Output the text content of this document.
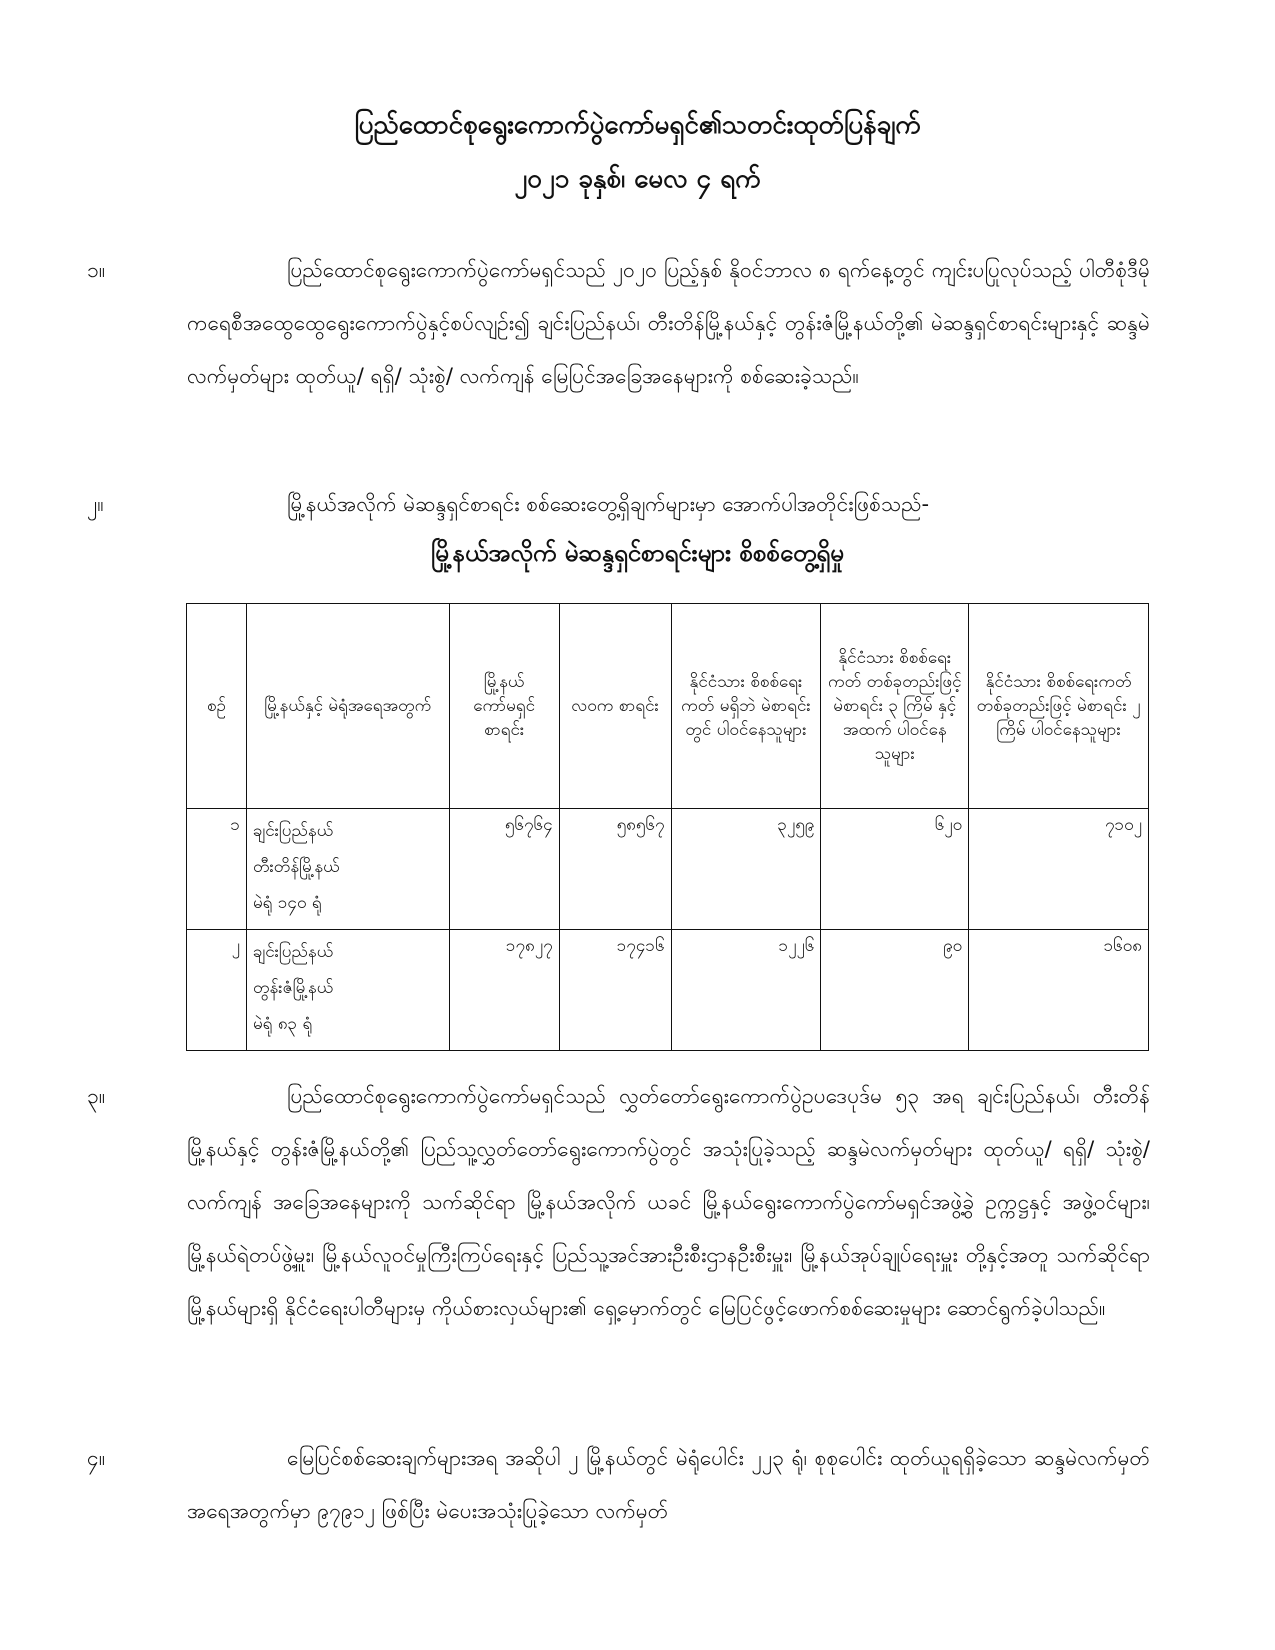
ပြည်ထောင်စုရွေးကောက်ပွဲကော်မရှင်၏သတင်းထုတ်ပြန်ချက်
၂၀၂၁ ခုနှစ်၊ မေလ ၄ ရက်
၁။	ပြည်ထောင်စုရွေးကောက်ပွဲကော်မရှင်သည် ၂၀၂၀ ပြည့်နှစ် နိုဝင်ဘာလ ၈ ရက်နေ့တွင် ကျင်းပပြုလုပ်သည့် ပါတီစုံဒီမိုကရေစီအထွေထွေရွေးကောက်ပွဲနှင့်စပ်လျဉ်း၍ ချင်းပြည်နယ်၊ တီးတိန်မြို့နယ်နှင့် တွန်းဇံမြို့နယ်တို့၏ မဲဆန္ဒရှင်စာရင်းများနှင့် ဆန္ဒမဲလက်မှတ်များ ထုတ်ယူ/ ရရှိ/ သုံးစွဲ/ လက်ကျန် မြေပြင်အခြေအနေများကို စစ်ဆေးခဲ့သည်။
၂။	မြို့နယ်အလိုက် မဲဆန္ဒရှင်စာရင်း စစ်ဆေးတွေ့ရှိချက်များမှာ အောက်ပါအတိုင်းဖြစ်သည်-
မြို့နယ်အလိုက် မဲဆန္ဒရှင်စာရင်းများ စိစစ်တွေ့ရှိမှု
စဉ်	မြို့နယ်နှင့် မဲရုံအရေအတွက်	မြို့နယ် ကော်မရှင် စာရင်း	လဝက စာရင်း	နိုင်ငံသား စိစစ်ရေးကတ် မရှိဘဲ မဲစာရင်းတွင် ပါဝင်နေသူများ	နိုင်ငံသား စိစစ်ရေးကတ် တစ်ခုတည်းဖြင့် မဲစာရင်း ၃ ကြိမ် နှင့် အထက် ပါဝင်နေသူများ	နိုင်ငံသား စိစစ်ရေးကတ် တစ်ခုတည်းဖြင့် မဲစာရင်း ၂ ကြိမ် ပါဝင်နေသူများ
၁	ချင်းပြည်နယ်
တီးတိန်မြို့နယ်
မဲရုံ ၁၄၀ ရုံ	၅၆၇၆၄	၅၈၅၆၇	၃၂၅၉	၆၂၀	၇၁၀၂
၂	ချင်းပြည်နယ်
တွန်းဇံမြို့နယ်
မဲရုံ ၈၃ ရုံ	၁၇၈၂၇	၁၇၄၁၆	၁၂၂၆	၉၀	၁၆၀၈
၃။	ပြည်ထောင်စုရွေးကောက်ပွဲကော်မရှင်သည် လွှတ်တော်ရွေးကောက်ပွဲဥပဒေပုဒ်မ ၅၃ အရ ချင်းပြည်နယ်၊ တီးတိန်မြို့နယ်နှင့် တွန်းဇံမြို့နယ်တို့၏ ပြည်သူ့လွှတ်တော်ရွေးကောက်ပွဲတွင် အသုံးပြုခဲ့သည့် ဆန္ဒမဲလက်မှတ်များ ထုတ်ယူ/ ရရှိ/ သုံးစွဲ/ လက်ကျန် အခြေအနေများကို သက်ဆိုင်ရာ မြို့နယ်အလိုက် ယခင် မြို့နယ်ရွေးကောက်ပွဲကော်မရှင်အဖွဲ့ခွဲ ဥက္ကဋ္ဌနှင့် အဖွဲ့ဝင်များ၊ မြို့နယ်ရဲတပ်ဖွဲ့မှူး၊ မြို့နယ်လူဝင်မှုကြီးကြပ်ရေးနှင့် ပြည်သူ့အင်အားဦးစီးဌာနဦးစီးမှူး၊ မြို့နယ်အုပ်ချုပ်ရေးမှူး တို့နှင့်အတူ သက်ဆိုင်ရာ မြို့နယ်များရှိ နိုင်ငံရေးပါတီများမှ ကိုယ်စားလှယ်များ၏ ရှေ့မှောက်တွင် မြေပြင်ဖွင့်ဖောက်စစ်ဆေးမှုများ ဆောင်ရွက်ခဲ့ပါသည်။
၄။	မြေပြင်စစ်ဆေးချက်များအရ အဆိုပါ ၂ မြို့နယ်တွင် မဲရုံပေါင်း ၂၂၃ ရုံ၊ စုစုပေါင်း ထုတ်ယူရရှိခဲ့သော ဆန္ဒမဲလက်မှတ်အရေအတွက်မှာ ၉၇၉၁၂ ဖြစ်ပြီး မဲပေးအသုံးပြုခဲ့သော လက်မှတ်
